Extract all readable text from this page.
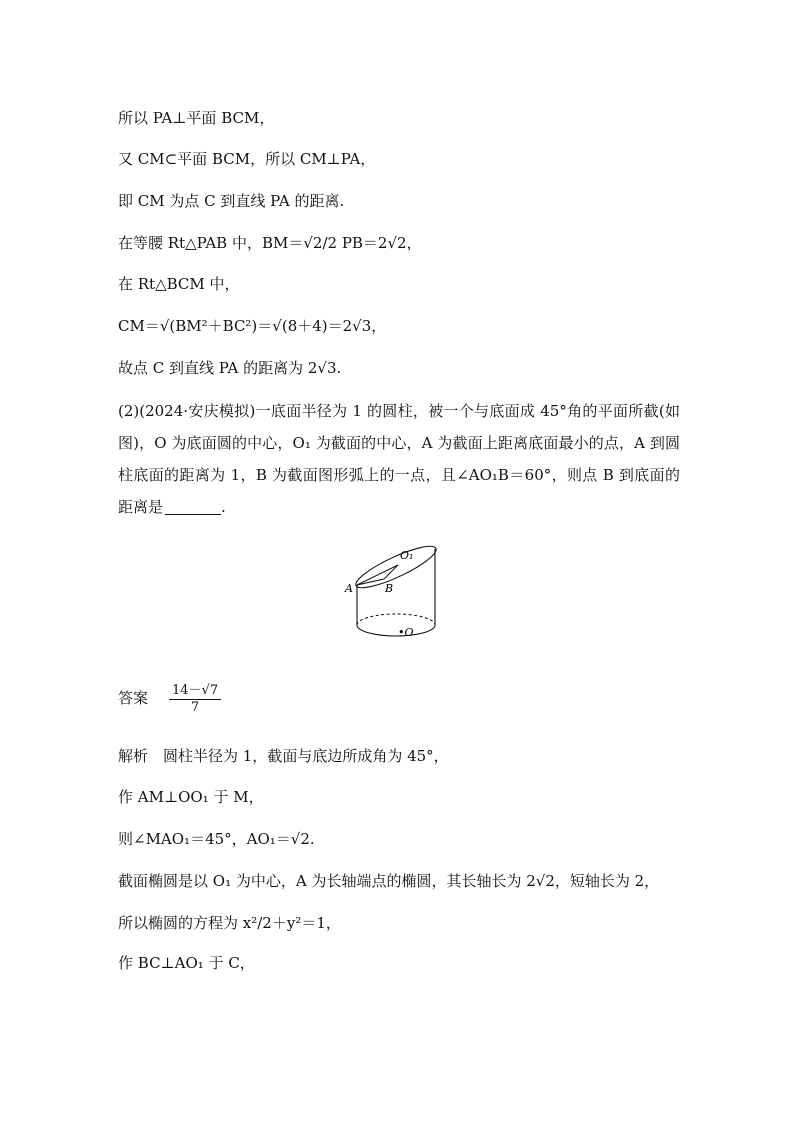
所以 PA⊥平面 BCM，
又 CM⊂平面 BCM，所以 CM⊥PA，
即 CM 为点 C 到直线 PA 的距离.
在等腰 Rt△PAB 中，BM＝√2/2 PB＝2√2，
在 Rt△BCM 中，
CM＝√(BM²＋BC²)＝√(8＋4)＝2√3，
故点 C 到直线 PA 的距离为 2√3.
(2)(2024·安庆模拟)一底面半径为 1 的圆柱，被一个与底面成 45°角的平面所截(如图)，O 为底面圆的中心，O₁ 为截面的中心，A 为截面上距离底面最小的点，A 到圆柱底面的距离为 1，B 为截面图形弧上的一点，且∠AO₁B＝60°，则点 B 到底面的距离是	.
A	B
O₁
•O
答案 $\frac{14-√7}{7}$
解析　圆柱半径为 1，截面与底边所成角为 45°，
作 AM⊥OO₁ 于 M，
则∠MAO₁＝45°，AO₁＝√2.
截面椭圆是以 O₁ 为中心，A 为长轴端点的椭圆，其长轴长为 2√2，短轴长为 2，
所以椭圆的方程为 x²/2＋y²＝1，
作 BC⊥AO₁ 于 C，
